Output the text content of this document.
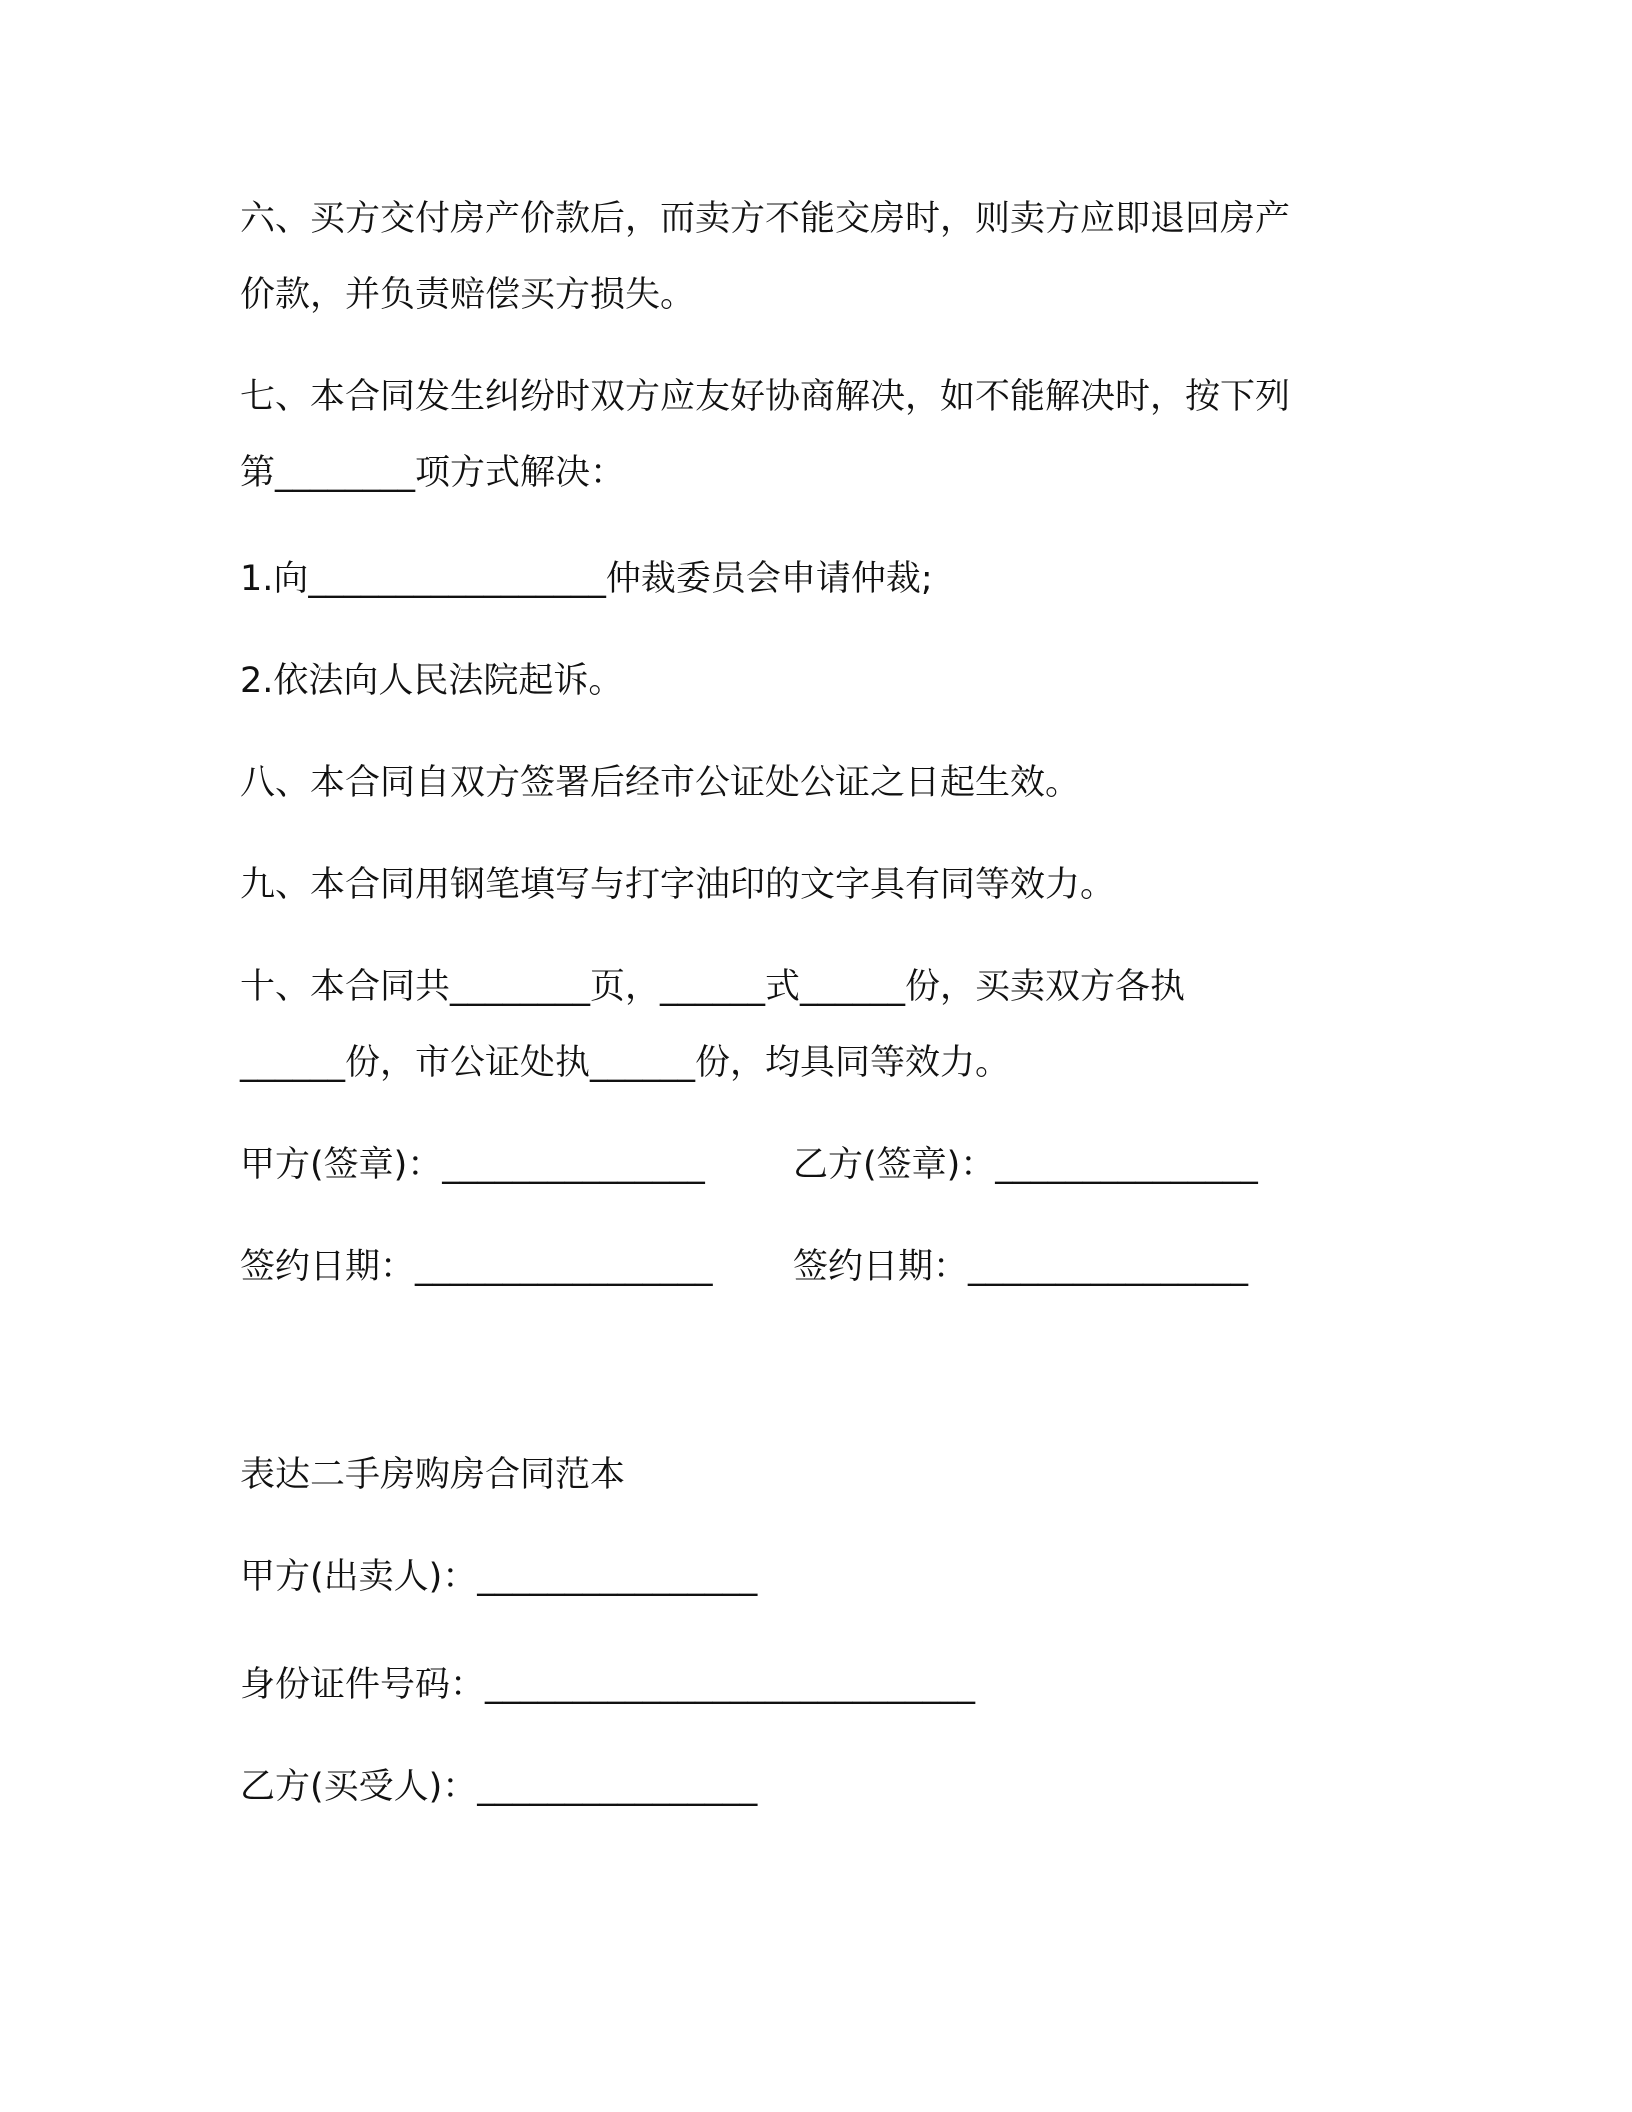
六、买方交付房产价款后，而卖方不能交房时，则卖方应即退回房产
价款，并负责赔偿买方损失。
七、本合同发生纠纷时双方应友好协商解决，如不能解决时，按下列
第________项方式解决：
1.向_________________仲裁委员会申请仲裁;
2.依法向人民法院起诉。
八、本合同自双方签署后经市公证处公证之日起生效。
九、本合同用钢笔填写与打字油印的文字具有同等效力。
十、本合同共________页，______式______份，买卖双方各执
______份，市公证处执______份，均具同等效力。
甲方(签章)：_______________	乙方(签章)：_______________
签约日期：_________________ 签约日期：________________
表达二手房购房合同范本
甲方(出卖人)：________________
身份证件号码：____________________________
乙方(买受人)：________________
